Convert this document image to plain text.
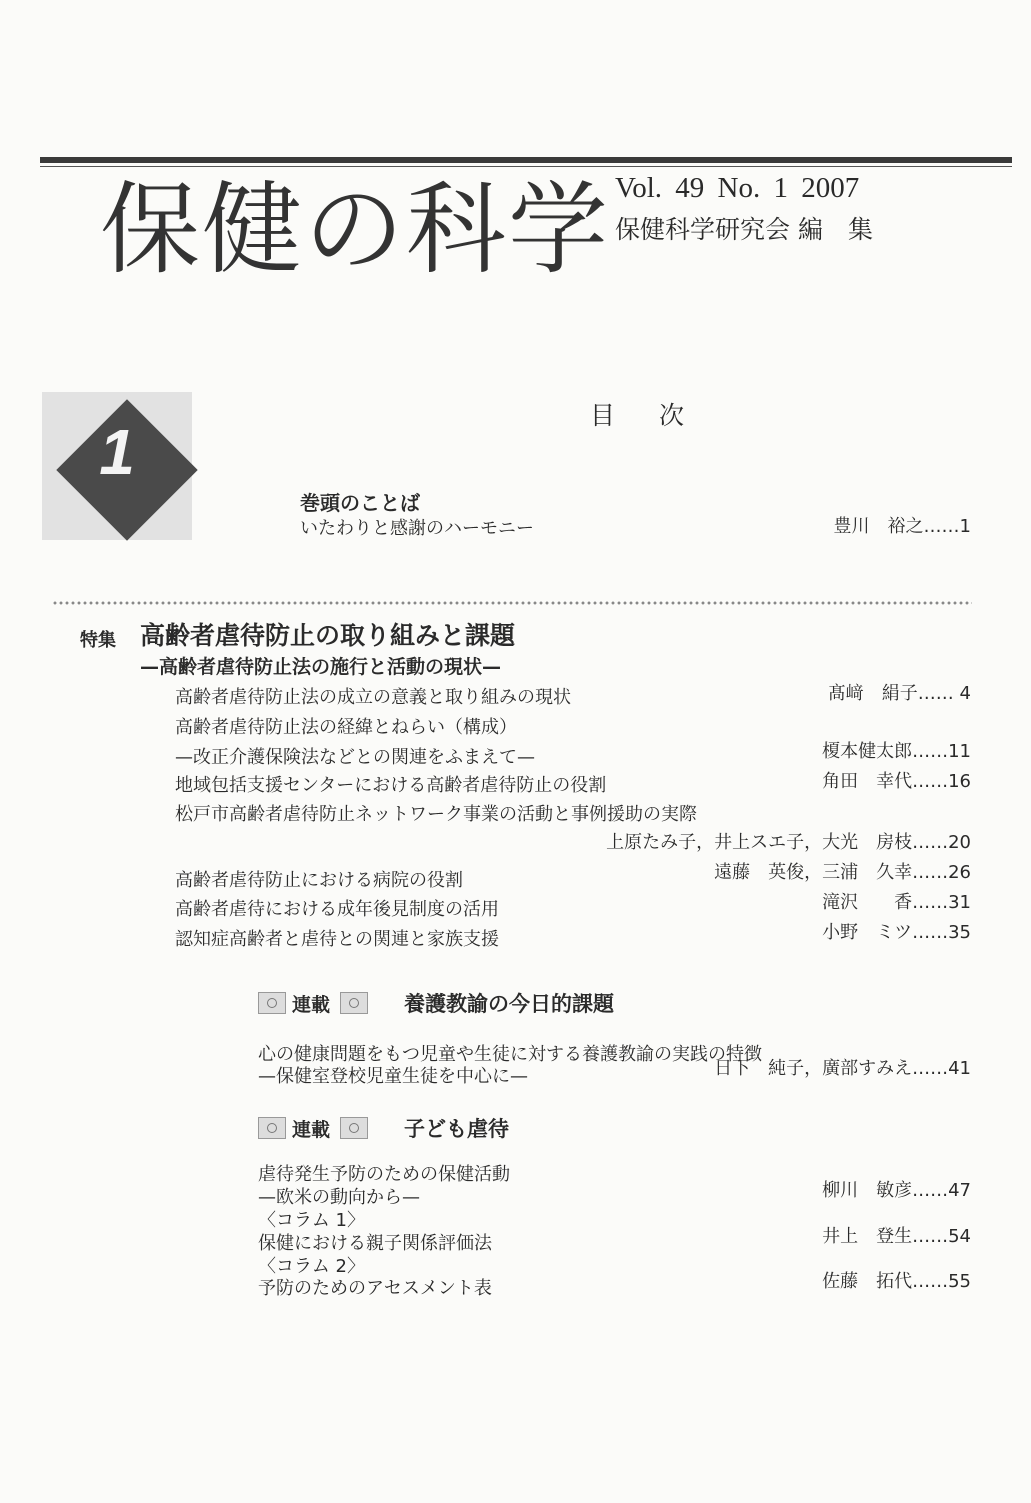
保健の科学 Vol. 49 No. 1 2007
保健科学研究会 編　集
1
目 次
巻頭のことば
いたわりと感謝のハーモニー	豊川　裕之……1
特集 高齢者虐待防止の取り組みと課題
—高齢者虐待防止法の施行と活動の現状—
高齢者虐待防止法の成立の意義と取り組みの現状	髙﨑　絹子…… 4
高齢者虐待防止法の経緯とねらい（構成）
—改正介護保険法などとの関連をふまえて—	榎本健太郎……11
地域包括支援センターにおける高齢者虐待防止の役割	角田　幸代……16
松戸市高齢者虐待防止ネットワーク事業の活動と事例援助の実際
上原たみ子，井上スエ子，大光　房枝……20
高齢者虐待防止における病院の役割	遠藤　英俊，三浦　久幸……26
高齢者虐待における成年後見制度の活用	滝沢　　香……31
認知症高齢者と虐待との関連と家族支援	小野　ミツ……35
連載	養護教諭の今日的課題
心の健康問題をもつ児童や生徒に対する養護教諭の実践の特徴
—保健室登校児童生徒を中心に—	日下　純子，廣部すみえ……41
連載	子ども虐待
虐待発生予防のための保健活動
—欧米の動向から—	柳川　敏彦……47
〈コラム 1〉
保健における親子関係評価法	井上　登生……54
〈コラム 2〉
予防のためのアセスメント表	佐藤　拓代……55
